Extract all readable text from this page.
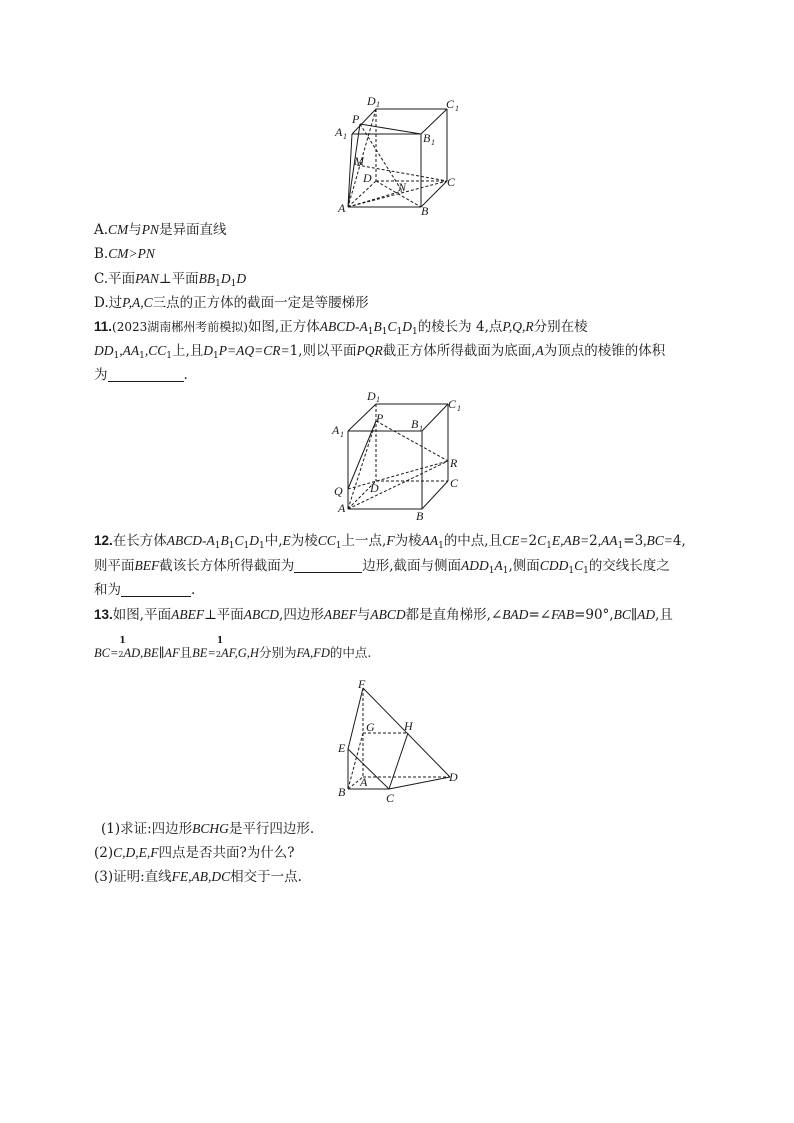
D 1	C 1
A 1
P
B 1
M
D
N	C
A	B
A.CM与PN是异面直线
B.CM>PN
C.平面PAN⊥平面$BB_1D_1D$
D.过P,A,C三点的正方体的截面一定是等腰梯形
11.(2023湖南郴州考前模拟)如图,正方体ABCD-$A_1B_1C_1D_1$的棱长为 4,点P,Q,R分别在棱
$DD_1,AA_1,CC_1$上,且$D_1P=AQ=CR=1$,则以平面PQR截正方体所得截面为底面,A为顶点的棱锥的体积
为	.
D 1	C 1
A 1
P B 1
R
Q D	C
A
B
12.在长方体ABCD-$A_1B_1C_1D_1$中,E为棱$CC_1$上一点,F为棱$AA_1$的中点,且$CE=2C_1E,AB=2,AA_1=3,BC=4$,
则平面BEF截该长方体所得截面为	边形,截面与侧面$ADD_1A_1$,侧面$CDD_1C_1$的交线长度之
和为	.
13.如图,平面ABEF⊥平面ABCD,四边形ABEF与ABCD都是直角梯形,∠BAD=∠FAB=90°,BC∥AD,且
BC=
1
2AD,BE∥AF且BE=
1
2AF,G,H分别为FA,FD的中点.
F
G H
E
A	D
B	C
(1)求证:四边形BCHG是平行四边形.
(2)C,D,E,F四点是否共面?为什么?
(3)证明:直线FE,AB,DC相交于一点.
